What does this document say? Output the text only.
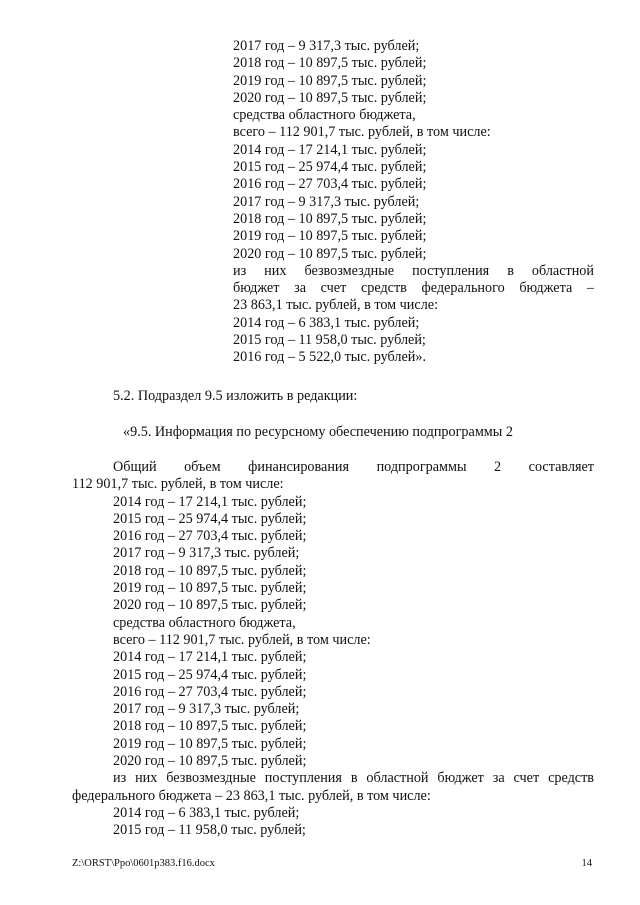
2017 год – 9 317,3 тыс. рублей;
2018 год – 10 897,5 тыс. рублей;
2019 год – 10 897,5 тыс. рублей;
2020 год – 10 897,5 тыс. рублей;
средства областного бюджета,
всего – 112 901,7 тыс. рублей, в том числе:
2014 год – 17 214,1 тыс. рублей;
2015 год – 25 974,4 тыс. рублей;
2016 год – 27 703,4 тыс. рублей;
2017 год – 9 317,3 тыс. рублей;
2018 год – 10 897,5 тыс. рублей;
2019 год – 10 897,5 тыс. рублей;
2020 год – 10 897,5 тыс. рублей;
из них безвозмездные поступления в областной
бюджет за счет средств федерального бюджета –
23 863,1 тыс. рублей, в том числе:
2014 год – 6 383,1 тыс. рублей;
2015 год – 11 958,0 тыс. рублей;
2016 год – 5 522,0 тыс. рублей».
5.2. Подраздел 9.5 изложить в редакции:
«9.5. Информация по ресурсному обеспечению подпрограммы 2
Общий объем финансирования подпрограммы 2 составляет
112 901,7 тыс. рублей, в том числе:
2014 год – 17 214,1 тыс. рублей;
2015 год – 25 974,4 тыс. рублей;
2016 год – 27 703,4 тыс. рублей;
2017 год – 9 317,3 тыс. рублей;
2018 год – 10 897,5 тыс. рублей;
2019 год – 10 897,5 тыс. рублей;
2020 год – 10 897,5 тыс. рублей;
средства областного бюджета,
всего – 112 901,7 тыс. рублей, в том числе:
2014 год – 17 214,1 тыс. рублей;
2015 год – 25 974,4 тыс. рублей;
2016 год – 27 703,4 тыс. рублей;
2017 год – 9 317,3 тыс. рублей;
2018 год – 10 897,5 тыс. рублей;
2019 год – 10 897,5 тыс. рублей;
2020 год – 10 897,5 тыс. рублей;
из них безвозмездные поступления в областной бюджет за счет средств
федерального бюджета – 23 863,1 тыс. рублей, в том числе:
2014 год – 6 383,1 тыс. рублей;
2015 год – 11 958,0 тыс. рублей;
Z:\ORST\Ppo\0601p383.f16.docx	14
